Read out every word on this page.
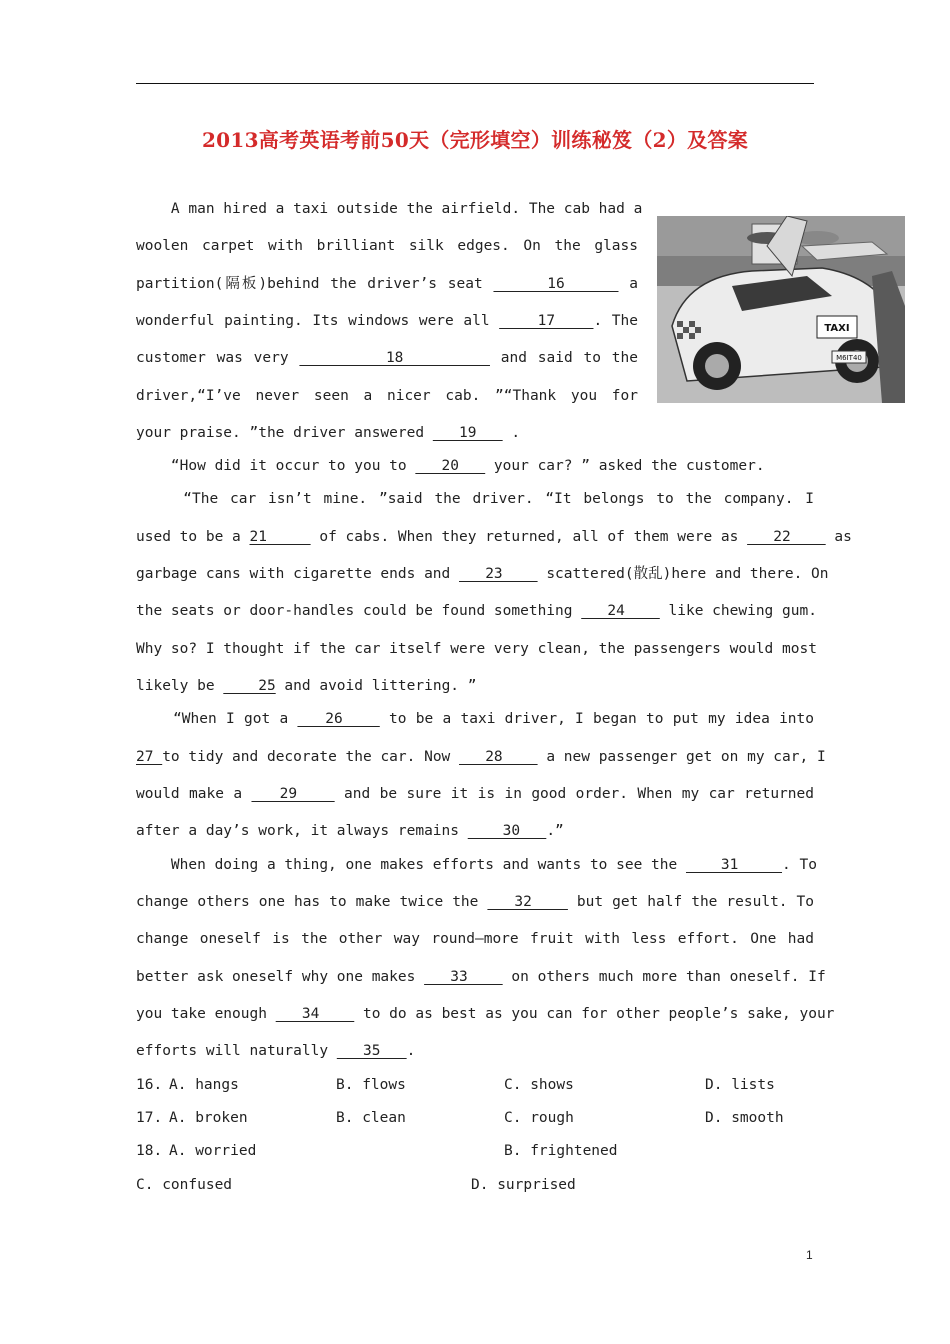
2013高考英语考前50天（完形填空）训练秘笈（2）及答案
TAXI
M6IT40
A man hired a taxi outside the airfield. The cab had a
woolen carpet with brilliant silk edges. On the glass
partition(隔板)behind the driver’s seat      16      a
wonderful painting. Its windows were all     17    . The
customer was very         18         and said to the
driver,“I’ve never seen a nicer cab. ”“Thank you for
your praise. ”the driver answered    19    .
“How did it occur to you to    20    your car? ” asked the customer.
“The car isn’t mine. ”said the driver. “It belongs to the company. I
used to be a 21      of cabs. When they returned, all of them were as    22     as
garbage cans with cigarette ends and    23     scattered(散乱)here and there. On
the seats or door-handles could be found something    24     like chewing gum.
Why so? I thought if the car itself were very clean, the passengers would most
likely be     25 and avoid littering. ”
“When I got a    26     to be a taxi driver, I began to put my idea into
27 to tidy and decorate the car. Now    28     a new passenger get on my car, I
would make a    29     and be sure it is in good order. When my car returned
after a day’s work, it always remains     30   .”
When doing a thing, one makes efforts and wants to see the     31     . To
change others one has to make twice the    32     but get half the result. To
change oneself is the other way round—more fruit with less effort. One had
better ask oneself why one makes    33     on others much more than oneself. If
you take enough    34     to do as best as you can for other people’s sake, your
efforts will naturally    35   .
16. A. hangs	B. flows	C. shows	D. lists
17. A. broken	B. clean	C. rough	D. smooth
18. A. worried	B. frightened
C. confused	D. surprised
1
